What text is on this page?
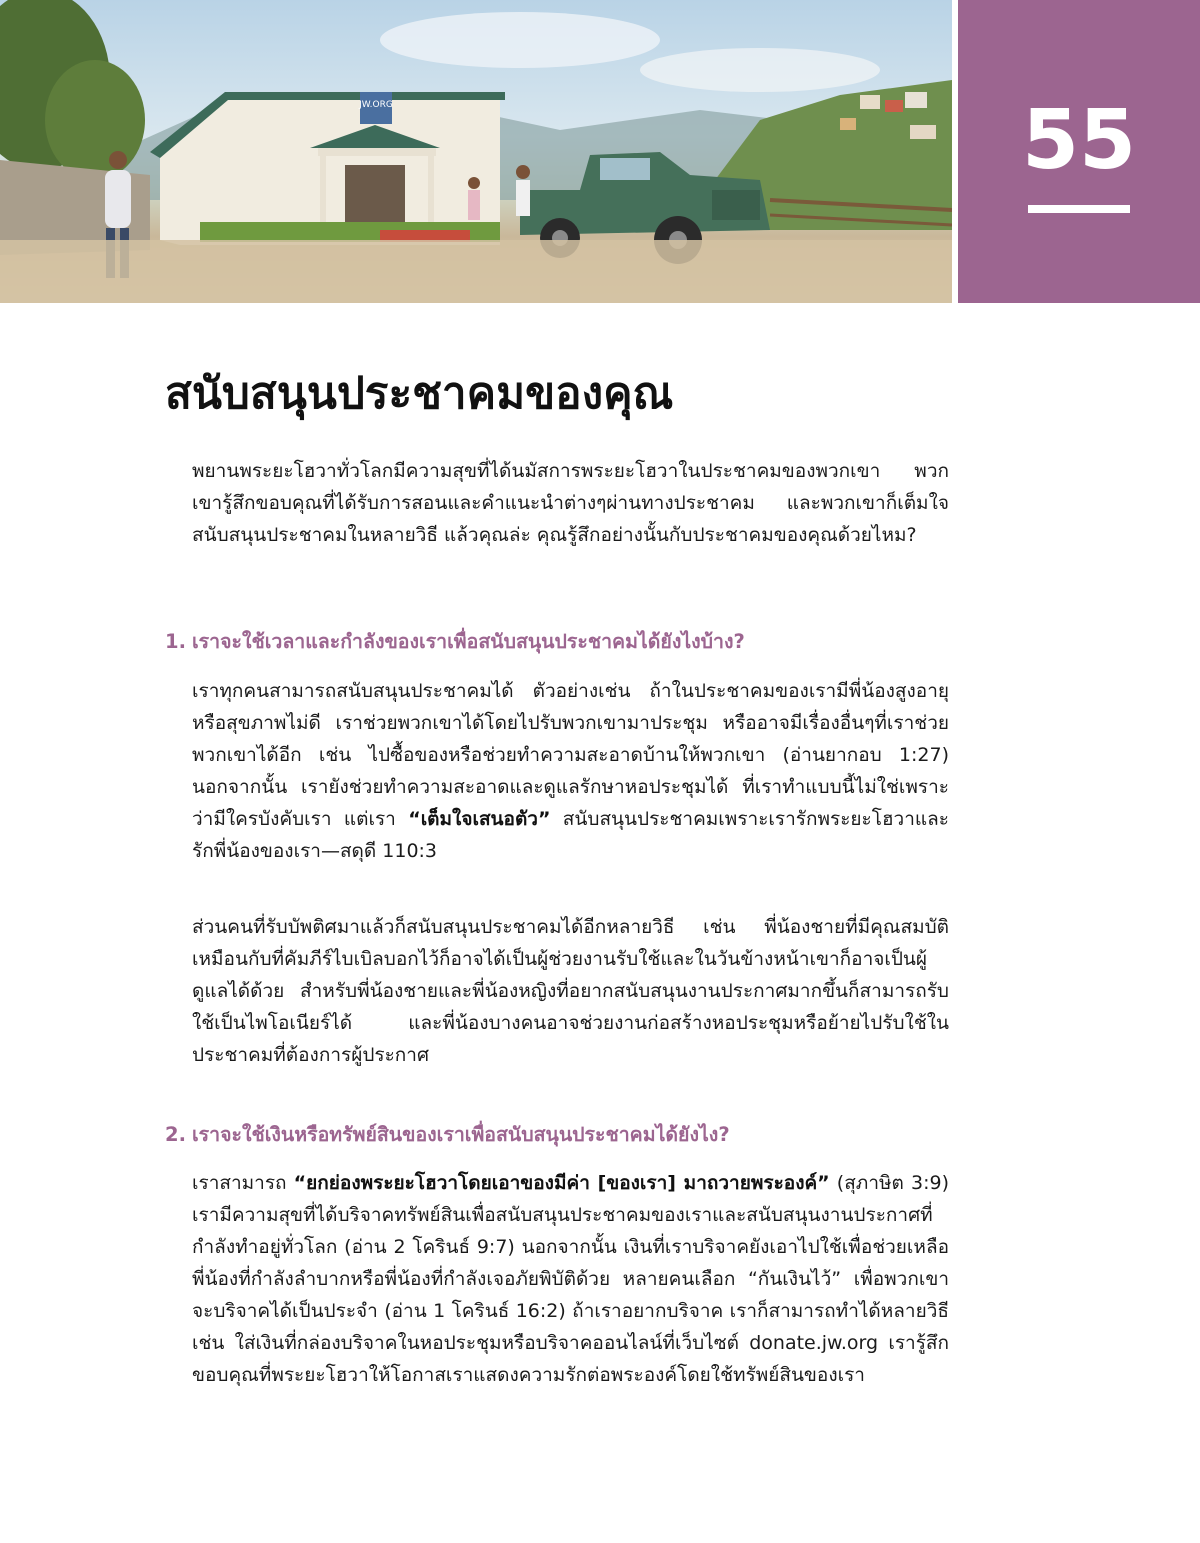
JW.ORG	55
สนับสนุนประชาคมของคุณ

พยานพระยะโฮวาทั่วโลกมีความสุขที่ได้นมัสการพระยะโฮวาในประชาคมของพวกเขา พวกเขารู้สึกขอบคุณที่ได้รับการสอนและคำแนะนำต่างๆผ่านทางประชาคม และพวกเขาก็เต็มใจสนับสนุนประชาคมในหลายวิธี แล้วคุณล่ะ คุณรู้สึกอย่างนั้นกับประชาคมของคุณด้วยไหม?

1. เราจะใช้เวลาและกำลังของเราเพื่อสนับสนุนประชาคมได้ยังไงบ้าง?

เราทุกคนสามารถสนับสนุนประชาคมได้ ตัวอย่างเช่น ถ้าในประชาคมของเรามีพี่น้องสูงอายุหรือสุขภาพไม่ดี เราช่วยพวกเขาได้โดยไปรับพวกเขามาประชุม หรืออาจมีเรื่องอื่นๆที่เราช่วยพวกเขาได้อีก เช่น ไปซื้อของหรือช่วยทำความสะอาดบ้านให้พวกเขา (อ่านยากอบ 1:27) นอกจากนั้น เรายังช่วยทำความสะอาดและดูแลรักษาหอประชุมได้ ที่เราทำแบบนี้ไม่ใช่เพราะว่ามีใครบังคับเรา แต่เรา “เต็มใจเสนอตัว” สนับสนุนประชาคมเพราะเรารักพระยะโฮวาและรักพี่น้องของเรา—สดุดี 110:3

ส่วนคนที่รับบัพติศมาแล้วก็สนับสนุนประชาคมได้อีกหลายวิธี เช่น พี่น้องชายที่มีคุณสมบัติเหมือนกับที่คัมภีร์ไบเบิลบอกไว้ก็อาจได้เป็นผู้ช่วยงานรับใช้และในวันข้างหน้าเขาก็อาจเป็นผู้ดูแลได้ด้วย สำหรับพี่น้องชายและพี่น้องหญิงที่อยากสนับสนุนงานประกาศมากขึ้นก็สามารถรับใช้เป็นไพโอเนียร์ได้ และพี่น้องบางคนอาจช่วยงานก่อสร้างหอประชุมหรือย้ายไปรับใช้ในประชาคมที่ต้องการผู้ประกาศ

2. เราจะใช้เงินหรือทรัพย์สินของเราเพื่อสนับสนุนประชาคมได้ยังไง?

เราสามารถ “ยกย่องพระยะโฮวาโดยเอาของมีค่า [ของเรา] มาถวายพระองค์” (สุภาษิต 3:9) เรามีความสุขที่ได้บริจาคทรัพย์สินเพื่อสนับสนุนประชาคมของเราและสนับสนุนงานประกาศที่กำลังทำอยู่ทั่วโลก (อ่าน 2 โครินธ์ 9:7) นอกจากนั้น เงินที่เราบริจาคยังเอาไปใช้เพื่อช่วยเหลือพี่น้องที่กำลังลำบากหรือพี่น้องที่กำลังเจอภัยพิบัติด้วย หลายคนเลือก “กันเงินไว้” เพื่อพวกเขาจะบริจาคได้เป็นประจำ (อ่าน 1 โครินธ์ 16:2) ถ้าเราอยากบริจาค เราก็สามารถทำได้หลายวิธี เช่น ใส่เงินที่กล่องบริจาคในหอประชุมหรือบริจาคออนไลน์ที่เว็บไซต์ donate.jw.org เรารู้สึกขอบคุณที่พระยะโฮวาให้โอกาสเราแสดงความรักต่อพระองค์โดยใช้ทรัพย์สินของเรา
